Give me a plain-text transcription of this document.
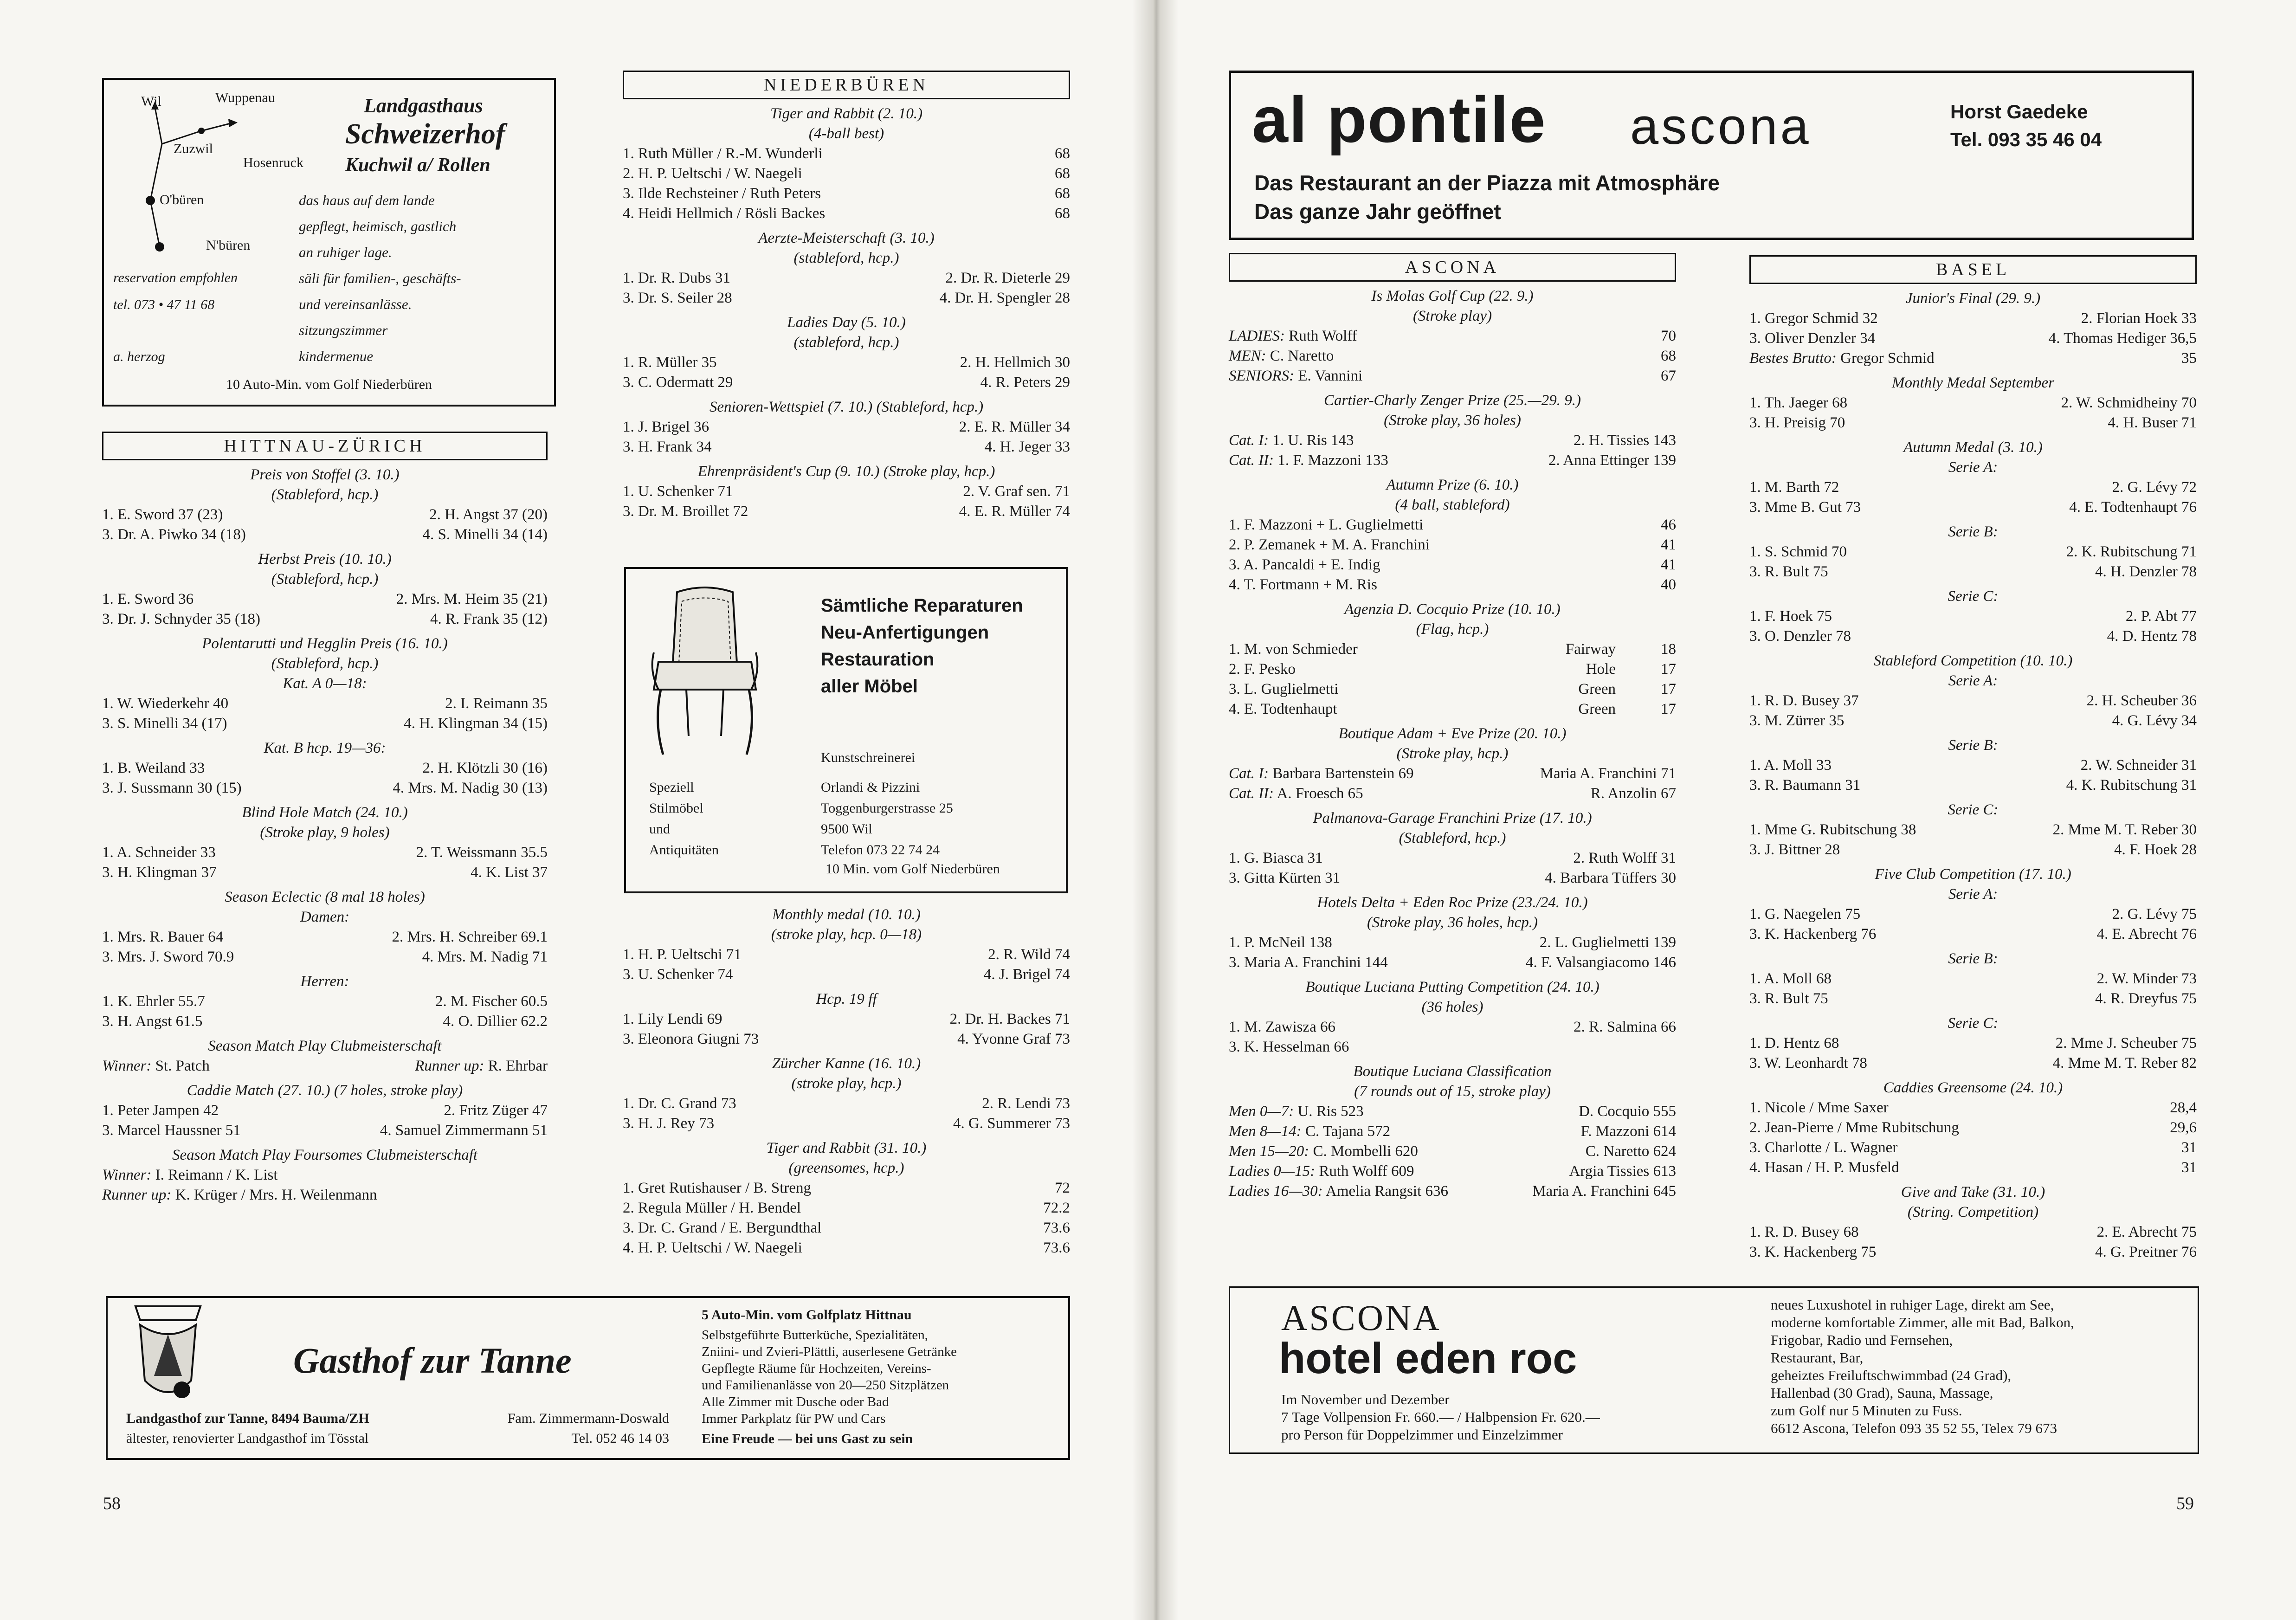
Wil	Wuppenau
Zuzwil
Hosenruck
O'büren
N'büren
Landgasthaus
Schweizerhof
Kuchwil a/ Rollen
das haus auf dem lande
gepflegt, heimisch, gastlich
an ruhiger lage.
säli für familien-, geschäfts-
und vereinsanlässe.
sitzungszimmer
kindermenue
reservation empfohlen
tel. 073 • 47 11 68
a. herzog
10 Auto-Min. vom Golf Niederbüren
HITTNAU-ZÜRICH
Preis von Stoffel (3. 10.)
(Stableford, hcp.)
1. E. Sword 37 (23)	2. H. Angst 37 (20)
3. Dr. A. Piwko 34 (18)	4. S. Minelli 34 (14)
Herbst Preis (10. 10.)
(Stableford, hcp.)
1. E. Sword 36	2. Mrs. M. Heim 35 (21)
3. Dr. J. Schnyder 35 (18)	4. R. Frank 35 (12)
Polentarutti und Hegglin Preis (16. 10.)
(Stableford, hcp.)
Kat. A 0—18:
1. W. Wiederkehr 40	2. I. Reimann 35
3. S. Minelli 34 (17)	4. H. Klingman 34 (15)
Kat. B hcp. 19—36:
1. B. Weiland 33	2. H. Klötzli 30 (16)
3. J. Sussmann 30 (15)	4. Mrs. M. Nadig 30 (13)
Blind Hole Match (24. 10.)
(Stroke play, 9 holes)
1. A. Schneider 33	2. T. Weissmann 35.5
3. H. Klingman 37	4. K. List 37
Season Eclectic (8 mal 18 holes)
Damen:
1. Mrs. R. Bauer 64	2. Mrs. H. Schreiber 69.1
3. Mrs. J. Sword 70.9	4. Mrs. M. Nadig 71
Herren:
1. K. Ehrler 55.7	2. M. Fischer 60.5
3. H. Angst 61.5	4. O. Dillier 62.2
Season Match Play Clubmeisterschaft
Winner: St. Patch	Runner up: R. Ehrbar
Caddie Match (27. 10.) (7 holes, stroke play)
1. Peter Jampen 42	2. Fritz Züger 47
3. Marcel Haussner 51	4. Samuel Zimmermann 51
Season Match Play Foursomes Clubmeisterschaft
Winner: I. Reimann / K. List
Runner up: K. Krüger / Mrs. H. Weilenmann
NIEDERBÜREN
Tiger and Rabbit (2. 10.)
(4-ball best)
1. Ruth Müller / R.-M. Wunderli	68
2. H. P. Ueltschi / W. Naegeli	68
3. Ilde Rechsteiner / Ruth Peters	68
4. Heidi Hellmich / Rösli Backes	68
Aerzte-Meisterschaft (3. 10.)
(stableford, hcp.)
1. Dr. R. Dubs 31	2. Dr. R. Dieterle 29
3. Dr. S. Seiler 28	4. Dr. H. Spengler 28
Ladies Day (5. 10.)
(stableford, hcp.)
1. R. Müller 35	2. H. Hellmich 30
3. C. Odermatt 29	4. R. Peters 29
Senioren-Wettspiel (7. 10.) (Stableford, hcp.)
1. J. Brigel 36	2. E. R. Müller 34
3. H. Frank 34	4. H. Jeger 33
Ehrenpräsident's Cup (9. 10.) (Stroke play, hcp.)
1. U. Schenker 71	2. V. Graf sen. 71
3. Dr. M. Broillet 72	4. E. R. Müller 74
Sämtliche Reparaturen
Neu-Anfertigungen
Restauration
aller Möbel
Kunstschreinerei
Speziell
Stilmöbel
und
Antiquitäten
Orlandi & Pizzini
Toggenburgerstrasse 25
9500 Wil
Telefon 073 22 74 24
10 Min. vom Golf Niederbüren
Monthly medal (10. 10.)
(stroke play, hcp. 0—18)
1. H. P. Ueltschi 71	2. R. Wild 74
3. U. Schenker 74	4. J. Brigel 74
Hcp. 19 ff
1. Lily Lendi 69	2. Dr. H. Backes 71
3. Eleonora Giugni 73	4. Yvonne Graf 73
Zürcher Kanne (16. 10.)
(stroke play, hcp.)
1. Dr. C. Grand 73	2. R. Lendi 73
3. H. J. Rey 73	4. G. Summerer 73
Tiger and Rabbit (31. 10.)
(greensomes, hcp.)
1. Gret Rutishauser / B. Streng	72
2. Regula Müller / H. Bendel	72.2
3. Dr. C. Grand / E. Bergundthal	73.6
4. H. P. Ueltschi / W. Naegeli	73.6
Gasthof zur Tanne
Landgasthof zur Tanne, 8494 Bauma/ZH	Fam. Zimmermann-Doswald
ältester, renovierter Landgasthof im Tösstal	Tel. 052 46 14 03
5 Auto-Min. vom Golfplatz Hittnau
Selbstgeführte Butterküche, Spezialitäten,
Zniini- und Zvieri-Plättli, auserlesene Getränke
Gepflegte Räume für Hochzeiten, Vereins-
und Familienanlässe von 20—250 Sitzplätzen
Alle Zimmer mit Dusche oder Bad
Immer Parkplatz für PW und Cars
Eine Freude — bei uns Gast zu sein
58
al pontile ascona	Horst Gaedeke
Tel. 093 35 46 04
Das Restaurant an der Piazza mit Atmosphäre
Das ganze Jahr geöffnet
ASCONA
Is Molas Golf Cup (22. 9.)
(Stroke play)
LADIES: Ruth Wolff	70
MEN: C. Naretto	68
SENIORS: E. Vannini	67
Cartier-Charly Zenger Prize (25.—29. 9.)
(Stroke play, 36 holes)
Cat. I: 1. U. Ris 143	2. H. Tissies 143
Cat. II: 1. F. Mazzoni 133	2. Anna Ettinger 139
Autumn Prize (6. 10.)
(4 ball, stableford)
1. F. Mazzoni + L. Guglielmetti	46
2. P. Zemanek + M. A. Franchini	41
3. A. Pancaldi + E. Indig	41
4. T. Fortmann + M. Ris	40
Agenzia D. Cocquio Prize (10. 10.)
(Flag, hcp.)
1. M. von Schmieder	Fairway	18
2. F. Pesko	Hole	17
3. L. Guglielmetti	Green	17
4. E. Todtenhaupt	Green	17
Boutique Adam + Eve Prize (20. 10.)
(Stroke play, hcp.)
Cat. I: Barbara Bartenstein 69	Maria A. Franchini 71
Cat. II: A. Froesch 65	R. Anzolin 67
Palmanova-Garage Franchini Prize (17. 10.)
(Stableford, hcp.)
1. G. Biasca 31	2. Ruth Wolff 31
3. Gitta Kürten 31	4. Barbara Tüffers 30
Hotels Delta + Eden Roc Prize (23./24. 10.)
(Stroke play, 36 holes, hcp.)
1. P. McNeil 138	2. L. Guglielmetti 139
3. Maria A. Franchini 144	4. F. Valsangiacomo 146
Boutique Luciana Putting Competition (24. 10.)
(36 holes)
1. M. Zawisza 66	2. R. Salmina 66
3. K. Hesselman 66
Boutique Luciana Classification
(7 rounds out of 15, stroke play)
Men 0—7: U. Ris 523	D. Cocquio 555
Men 8—14: C. Tajana 572	F. Mazzoni 614
Men 15—20: C. Mombelli 620	C. Naretto 624
Ladies 0—15: Ruth Wolff 609	Argia Tissies 613
Ladies 16—30: Amelia Rangsit 636	Maria A. Franchini 645
BASEL
Junior's Final (29. 9.)
1. Gregor Schmid 32	2. Florian Hoek 33
3. Oliver Denzler 34	4. Thomas Hediger 36,5
Bestes Brutto: Gregor Schmid	35
Monthly Medal September
1. Th. Jaeger 68	2. W. Schmidheiny 70
3. H. Preisig 70	4. H. Buser 71
Autumn Medal (3. 10.)
Serie A:
1. M. Barth 72	2. G. Lévy 72
3. Mme B. Gut 73	4. E. Todtenhaupt 76
Serie B:
1. S. Schmid 70	2. K. Rubitschung 71
3. R. Bult 75	4. H. Denzler 78
Serie C:
1. F. Hoek 75	2. P. Abt 77
3. O. Denzler 78	4. D. Hentz 78
Stableford Competition (10. 10.)
Serie A:
1. R. D. Busey 37	2. H. Scheuber 36
3. M. Zürrer 35	4. G. Lévy 34
Serie B:
1. A. Moll 33	2. W. Schneider 31
3. R. Baumann 31	4. K. Rubitschung 31
Serie C:
1. Mme G. Rubitschung 38	2. Mme M. T. Reber 30
3. J. Bittner 28	4. F. Hoek 28
Five Club Competition (17. 10.)
Serie A:
1. G. Naegelen 75	2. G. Lévy 75
3. K. Hackenberg 76	4. E. Abrecht 76
Serie B:
1. A. Moll 68	2. W. Minder 73
3. R. Bult 75	4. R. Dreyfus 75
Serie C:
1. D. Hentz 68	2. Mme J. Scheuber 75
3. W. Leonhardt 78	4. Mme M. T. Reber 82
Caddies Greensome (24. 10.)
1. Nicole / Mme Saxer	28,4
2. Jean-Pierre / Mme Rubitschung	29,6
3. Charlotte / L. Wagner	31
4. Hasan / H. P. Musfeld	31
Give and Take (31. 10.)
(String. Competition)
1. R. D. Busey 68	2. E. Abrecht 75
3. K. Hackenberg 75	4. G. Preitner 76
ASCONA
hotel eden roc
Im November und Dezember
7 Tage Vollpension Fr. 660.— / Halbpension Fr. 620.—
pro Person für Doppelzimmer und Einzelzimmer
neues Luxushotel in ruhiger Lage, direkt am See,
moderne komfortable Zimmer, alle mit Bad, Balkon,
Frigobar, Radio und Fernsehen,
Restaurant, Bar,
geheiztes Freiluftschwimmbad (24 Grad),
Hallenbad (30 Grad), Sauna, Massage,
zum Golf nur 5 Minuten zu Fuss.
6612 Ascona, Telefon 093 35 52 55, Telex 79 673
59
